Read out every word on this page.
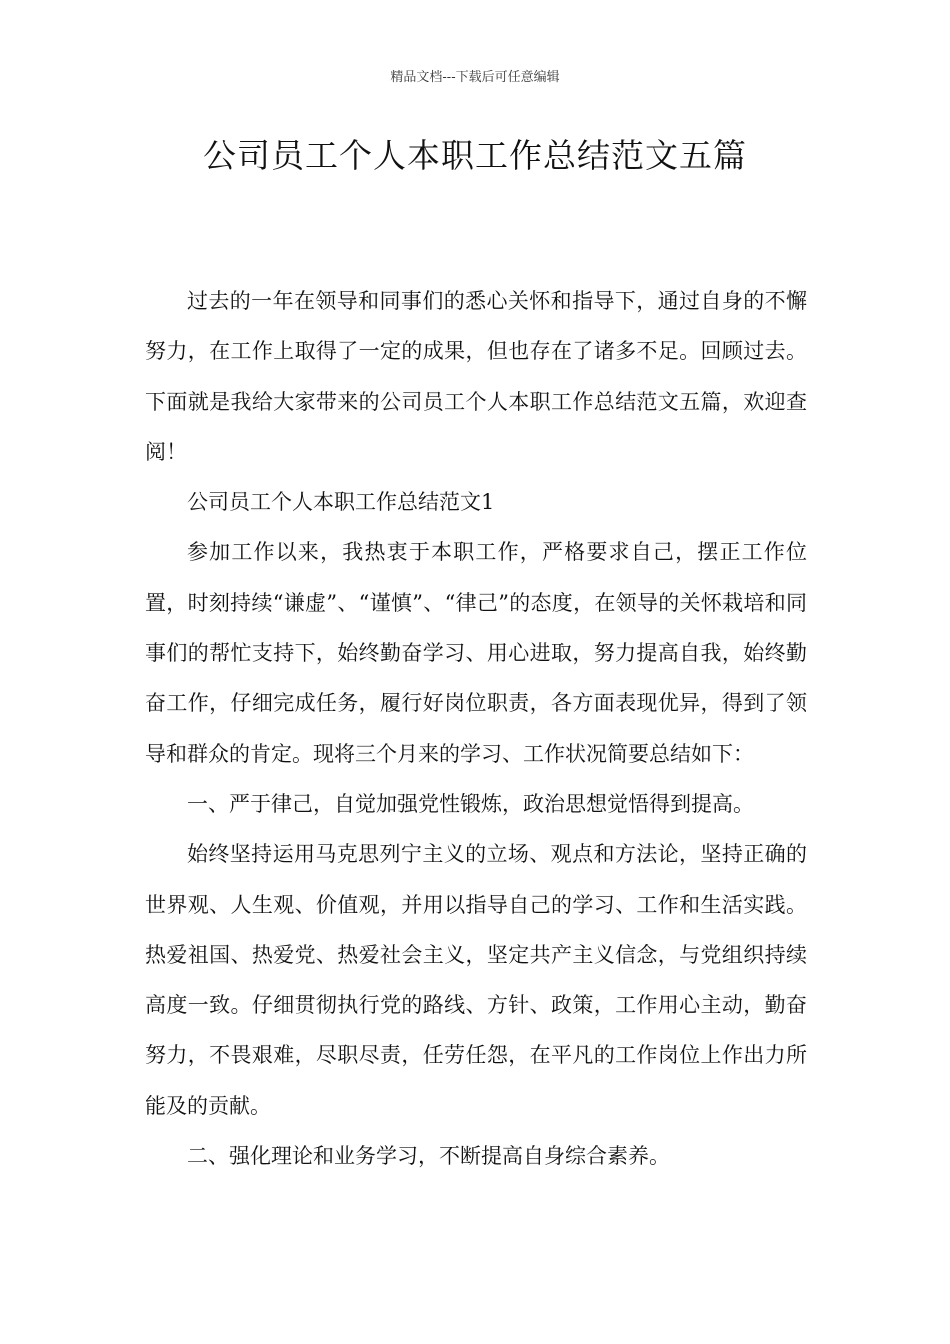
精品文档---下载后可任意编辑
公司员工个人本职工作总结范文五篇

过去的一年在领导和同事们的悉心关怀和指导下，通过自身的不懈努力，在工作上取得了一定的成果，但也存在了诸多不足。回顾过去。下面就是我给大家带来的公司员工个人本职工作总结范文五篇，欢迎查阅！

公司员工个人本职工作总结范文1

参加工作以来，我热衷于本职工作，严格要求自己，摆正工作位置，时刻持续“谦虚”、“谨慎”、“律己”的态度，在领导的关怀栽培和同事们的帮忙支持下，始终勤奋学习、用心进取，努力提高自我，始终勤奋工作，仔细完成任务，履行好岗位职责，各方面表现优异，得到了领导和群众的肯定。现将三个月来的学习、工作状况简要总结如下：

一、严于律己，自觉加强党性锻炼，政治思想觉悟得到提高。

始终坚持运用马克思列宁主义的立场、观点和方法论，坚持正确的世界观、人生观、价值观，并用以指导自己的学习、工作和生活实践。热爱祖国、热爱党、热爱社会主义，坚定共产主义信念，与党组织持续高度一致。仔细贯彻执行党的路线、方针、政策，工作用心主动，勤奋努力，不畏艰难，尽职尽责，任劳任怨，在平凡的工作岗位上作出力所能及的贡献。

二、强化理论和业务学习，不断提高自身综合素养。
